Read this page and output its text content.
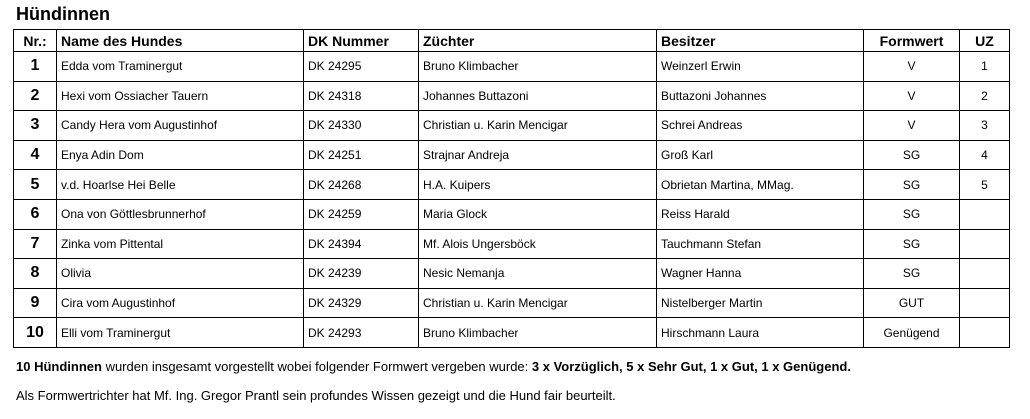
Hündinnen
Nr.:	Name des Hundes	DK Nummer	Züchter	Besitzer	Formwert	UZ
1	Edda vom Traminergut	DK 24295	Bruno Klimbacher	Weinzerl Erwin	V	1
2	Hexi vom Ossiacher Tauern	DK 24318	Johannes Buttazoni	Buttazoni Johannes	V	2
3	Candy Hera vom Augustinhof	DK 24330	Christian u. Karin Mencigar	Schrei Andreas	V	3
4	Enya Adin Dom	DK 24251	Strajnar Andreja	Groß Karl	SG	4
5	v.d. Hoarlse Hei Belle	DK 24268	H.A. Kuipers	Obrietan Martina, MMag.	SG	5
6	Ona von Göttlesbrunnerhof	DK 24259	Maria Glock	Reiss Harald	SG	
7	Zinka vom Pittental	DK 24394	Mf. Alois Ungersböck	Tauchmann Stefan	SG	
8	Olivia	DK 24239	Nesic Nemanja	Wagner Hanna	SG	
9	Cira vom Augustinhof	DK 24329	Christian u. Karin Mencigar	Nistelberger Martin	GUT	
10	Elli vom Traminergut	DK 24293	Bruno Klimbacher	Hirschmann Laura	Genügend	
10 Hündinnen wurden insgesamt vorgestellt wobei folgender Formwert vergeben wurde: 3 x Vorzüglich, 5 x Sehr Gut, 1 x Gut, 1 x Genügend.
Als Formwertrichter hat Mf. Ing. Gregor Prantl sein profundes Wissen gezeigt und die Hund fair beurteilt.
